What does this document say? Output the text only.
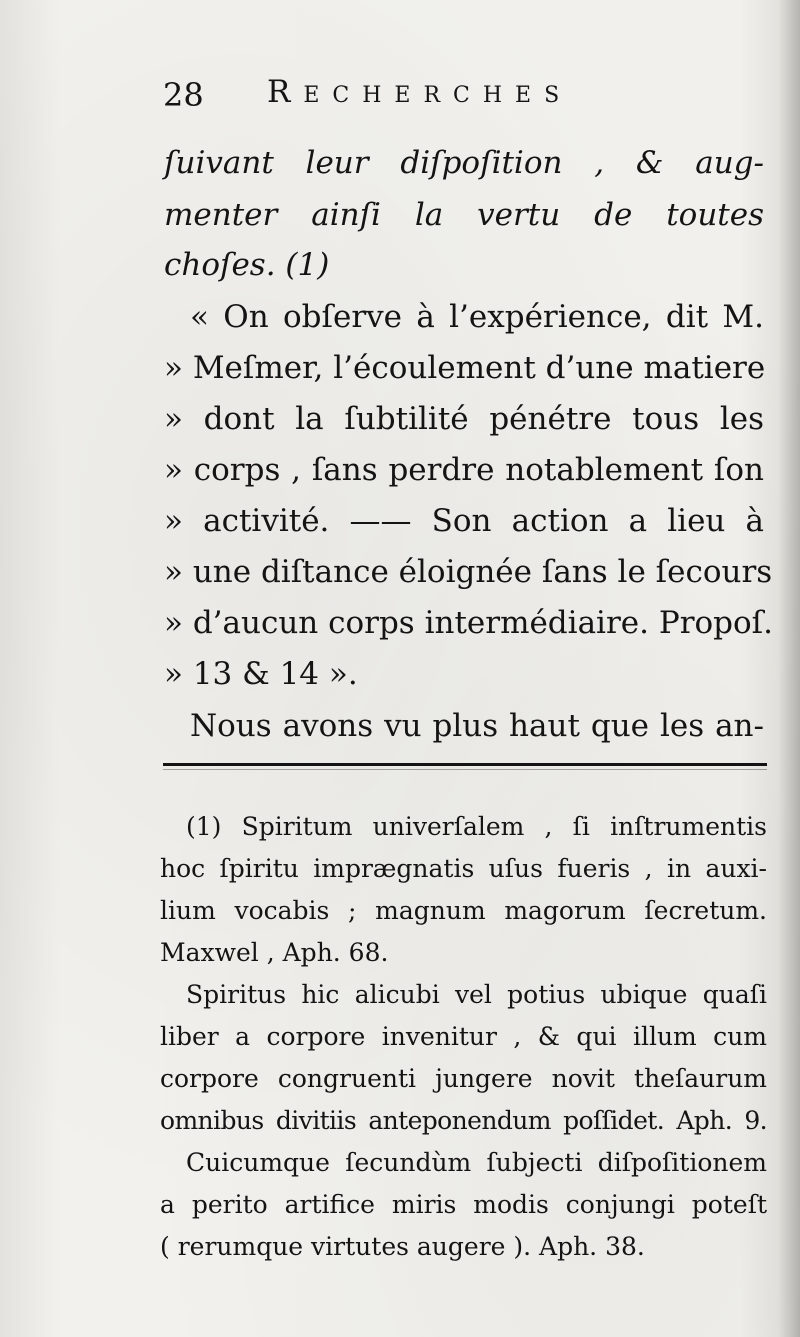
28 Recherches
ſuivant leur diſpoſition , & aug-
menter ainſi la vertu de toutes
choſes. (1)
« On obſerve à l’expérience, dit M.
» Meſmer, l’écoulement d’une matiere
» dont la ſubtilité pénétre tous les
» corps , ſans perdre notablement ſon
» activité. —— Son action a lieu à
» une diſtance éloignée ſans le ſecours
» d’aucun corps intermédiaire. Propoſ.
» 13 & 14 ».
Nous avons vu plus haut que les an-
(1) Spiritum univerſalem , ſi inſtrumentis
hoc ſpiritu imprægnatis uſus fueris , in auxi-
lium vocabis ; magnum magorum ſecretum.
Maxwel , Aph. 68.
Spiritus hic alicubi vel potius ubique quaſi
liber a corpore invenitur , & qui illum cum
corpore congruenti jungere novit theſaurum
omnibus divitiis anteponendum poſſidet. Aph. 9.
Cuicumque ſecundùm ſubjecti diſpoſitionem
a perito artifice miris modis conjungi poteſt
( rerumque virtutes augere ). Aph. 38.
